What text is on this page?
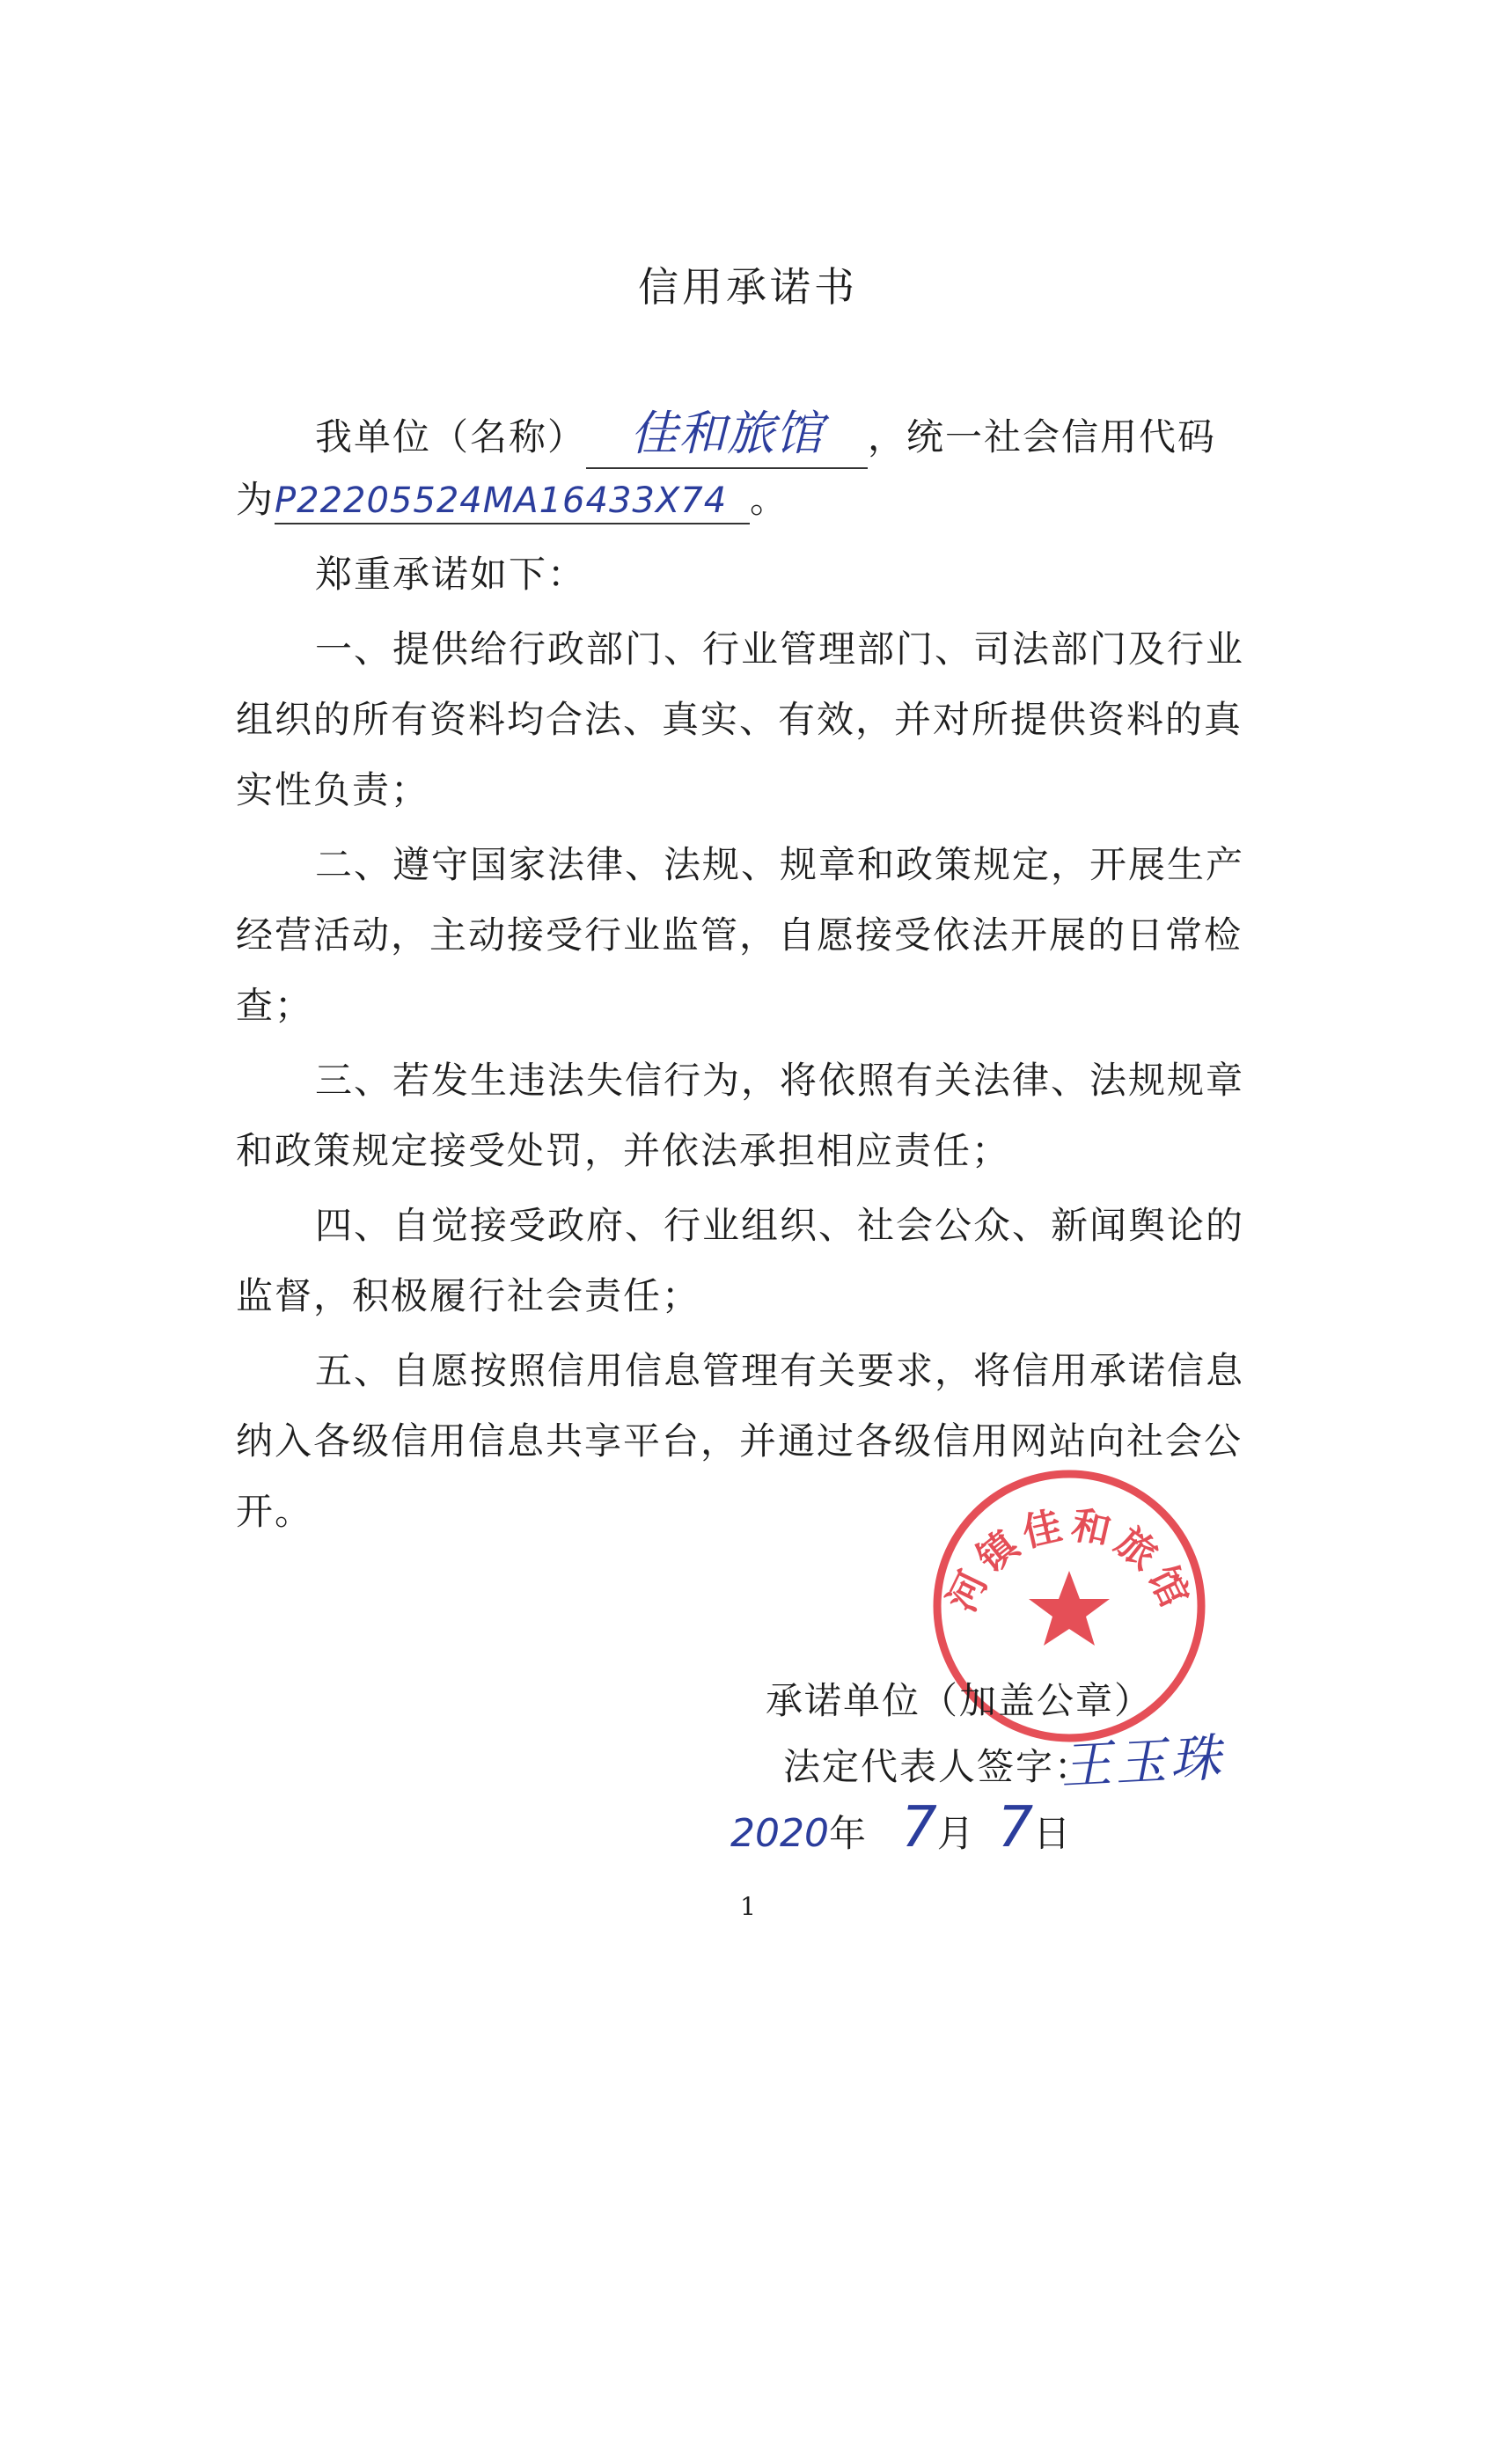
信用承诺书
我单位（名称） 佳和旅馆 ，统一社会信用代码
为P22205524MA16433X74 。
郑重承诺如下：
一、提供给行政部门、行业管理部门、司法部门及行业
组织的所有资料均合法、真实、有效，并对所提供资料的真
实性负责；
二、遵守国家法律、法规、规章和政策规定，开展生产
经营活动，主动接受行业监管，自愿接受依法开展的日常检
查；
三、若发生违法失信行为，将依照有关法律、法规规章
和政策规定接受处罚，并依法承担相应责任；
四、自觉接受政府、行业组织、社会公众、新闻舆论的
监督，积极履行社会责任；
五、自愿按照信用信息管理有关要求，将信用承诺信息
纳入各级信用信息共享平台，并通过各级信用网站向社会公
开。
河镇佳和旅馆
承诺单位（加盖公章）
法定代表人签字：
王玉珠
2020年 7月 7日
1
